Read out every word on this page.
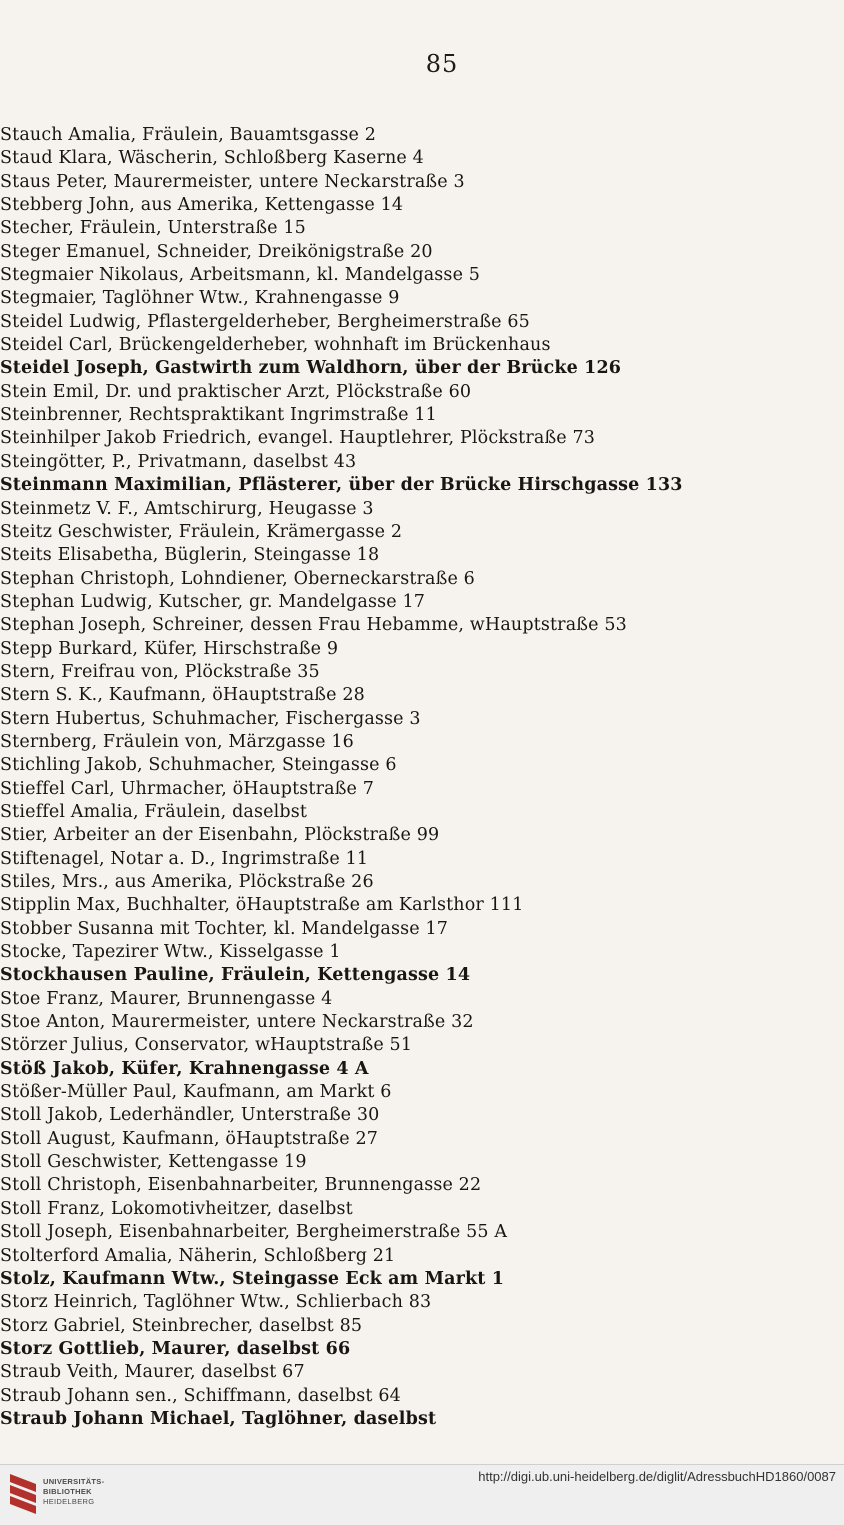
85
Stauch Amalia, Fräulein, Bauamtsgasse 2
Staud Klara, Wäscherin, Schloßberg Kaserne 4
Staus Peter, Maurermeister, untere Neckarstraße 3
Stebberg John, aus Amerika, Kettengasse 14
Stecher, Fräulein, Unterstraße 15
Steger Emanuel, Schneider, Dreikönigstraße 20
Stegmaier Nikolaus, Arbeitsmann, kl. Mandelgasse 5
Stegmaier, Taglöhner Wtw., Krahnengasse 9
Steidel Ludwig, Pflastergelderheber, Bergheimerstraße 65
Steidel Carl, Brückengelderheber, wohnhaft im Brückenhaus
Steidel Joseph, Gastwirth zum Waldhorn, über der Brücke 126
Stein Emil, Dr. und praktischer Arzt, Plöckstraße 60
Steinbrenner, Rechtspraktikant Ingrimstraße 11
Steinhilper Jakob Friedrich, evangel. Hauptlehrer, Plöckstraße 73
Steingötter, P., Privatmann, daselbst 43
Steinmann Maximilian, Pflästerer, über der Brücke Hirschgasse 133
Steinmetz V. F., Amtschirurg, Heugasse 3
Steitz Geschwister, Fräulein, Krämergasse 2
Steits Elisabetha, Büglerin, Steingasse 18
Stephan Christoph, Lohndiener, Oberneckarstraße 6
Stephan Ludwig, Kutscher, gr. Mandelgasse 17
Stephan Joseph, Schreiner, dessen Frau Hebamme, wHauptstraße 53
Stepp Burkard, Küfer, Hirschstraße 9
Stern, Freifrau von, Plöckstraße 35
Stern S. K., Kaufmann, öHauptstraße 28
Stern Hubertus, Schuhmacher, Fischergasse 3
Sternberg, Fräulein von, Märzgasse 16
Stichling Jakob, Schuhmacher, Steingasse 6
Stieffel Carl, Uhrmacher, öHauptstraße 7
Stieffel Amalia, Fräulein, daselbst
Stier, Arbeiter an der Eisenbahn, Plöckstraße 99
Stiftenagel, Notar a. D., Ingrimstraße 11
Stiles, Mrs., aus Amerika, Plöckstraße 26
Stipplin Max, Buchhalter, öHauptstraße am Karlsthor 111
Stobber Susanna mit Tochter, kl. Mandelgasse 17
Stocke, Tapezirer Wtw., Kisselgasse 1
Stockhausen Pauline, Fräulein, Kettengasse 14
Stoe Franz, Maurer, Brunnengasse 4
Stoe Anton, Maurermeister, untere Neckarstraße 32
Störzer Julius, Conservator, wHauptstraße 51
Stöß Jakob, Küfer, Krahnengasse 4 A
Stößer-Müller Paul, Kaufmann, am Markt 6
Stoll Jakob, Lederhändler, Unterstraße 30
Stoll August, Kaufmann, öHauptstraße 27
Stoll Geschwister, Kettengasse 19
Stoll Christoph, Eisenbahnarbeiter, Brunnengasse 22
Stoll Franz, Lokomotivheitzer, daselbst
Stoll Joseph, Eisenbahnarbeiter, Bergheimerstraße 55 A
Stolterford Amalia, Näherin, Schloßberg 21
Stolz, Kaufmann Wtw., Steingasse Eck am Markt 1
Storz Heinrich, Taglöhner Wtw., Schlierbach 83
Storz Gabriel, Steinbrecher, daselbst 85
Storz Gottlieb, Maurer, daselbst 66
Straub Veith, Maurer, daselbst 67
Straub Johann sen., Schiffmann, daselbst 64
Straub Johann Michael, Taglöhner, daselbst
UNIVERSITÄTS-
BIBLIOTHEK
HEIDELBERG
http://digi.ub.uni-heidelberg.de/diglit/AdressbuchHD1860/0087
